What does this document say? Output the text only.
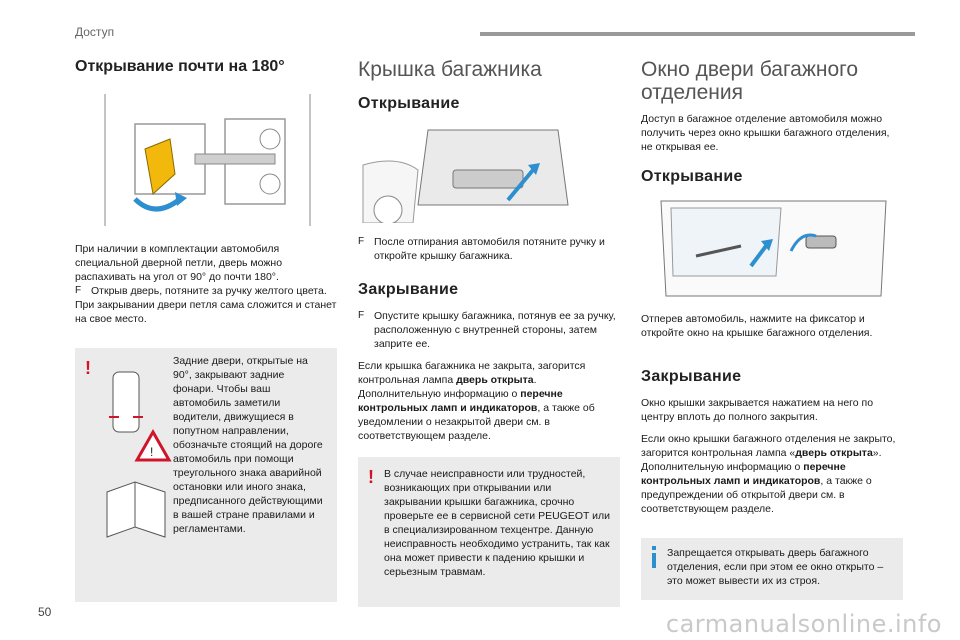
Доступ
Открывание почти на 180°

При наличии в комплектации автомобиля специальной дверной петли, дверь можно распахивать на угол от 90° до почти 180°.

F Открыв дверь, потяните за ручку желтого цвета.

При закрывании двери петля сама сложится и станет на свое место.

!
!

Задние двери, открытые на 90°, закрывают задние фонари. Чтобы ваш автомобиль заметили водители, движущиеся в попутном направлении, обозначьте стоящий на дороге автомобиль при помощи треугольного знака аварийной остановки или иного знака, предписанного действующими в вашей стране правилами и регламентами.

Крышка багажника
Открывание
F После отпирания автомобиля потяните ручку и откройте крышку багажника.
Закрывание
F Опустите крышку багажника, потянув ее за ручку, расположенную с внутренней стороны, затем заприте ее.

Если крышка багажника не закрыта, загорится контрольная лампа дверь открыта. Дополнительную информацию о перечне контрольных ламп и индикаторов, а также об уведомлении о незакрытой двери см. в соответствующем разделе.

! В случае неисправности или трудностей, возникающих при открывании или закрывании крышки багажника, срочно проверьте ее в сервисной сети PEUGEOT или в специализированном техцентре. Данную неисправность необходимо устранить, так как она может привести к падению крышки и серьезным травмам.

Окно двери багажного отделения

Доступ в багажное отделение автомобиля можно получить через окно крышки багажного отделения, не открывая ее.

Открывание

Отперев автомобиль, нажмите на фиксатор и откройте окно на крышке багажного отделения.

Закрывание

Окно крышки закрывается нажатием на него по центру вплоть до полного закрытия.

Если окно крышки багажного отделения не закрыто, загорится контрольная лампа «дверь открыта». Дополнительную информацию о перечне контрольных ламп и индикаторов, а также о предупреждении об открытой двери см. в соответствующем разделе.

Запрещается открывать дверь багажного отделения, если при этом ее окно открыто – это может вывести их из строя.

50	carmanualsonline.info
